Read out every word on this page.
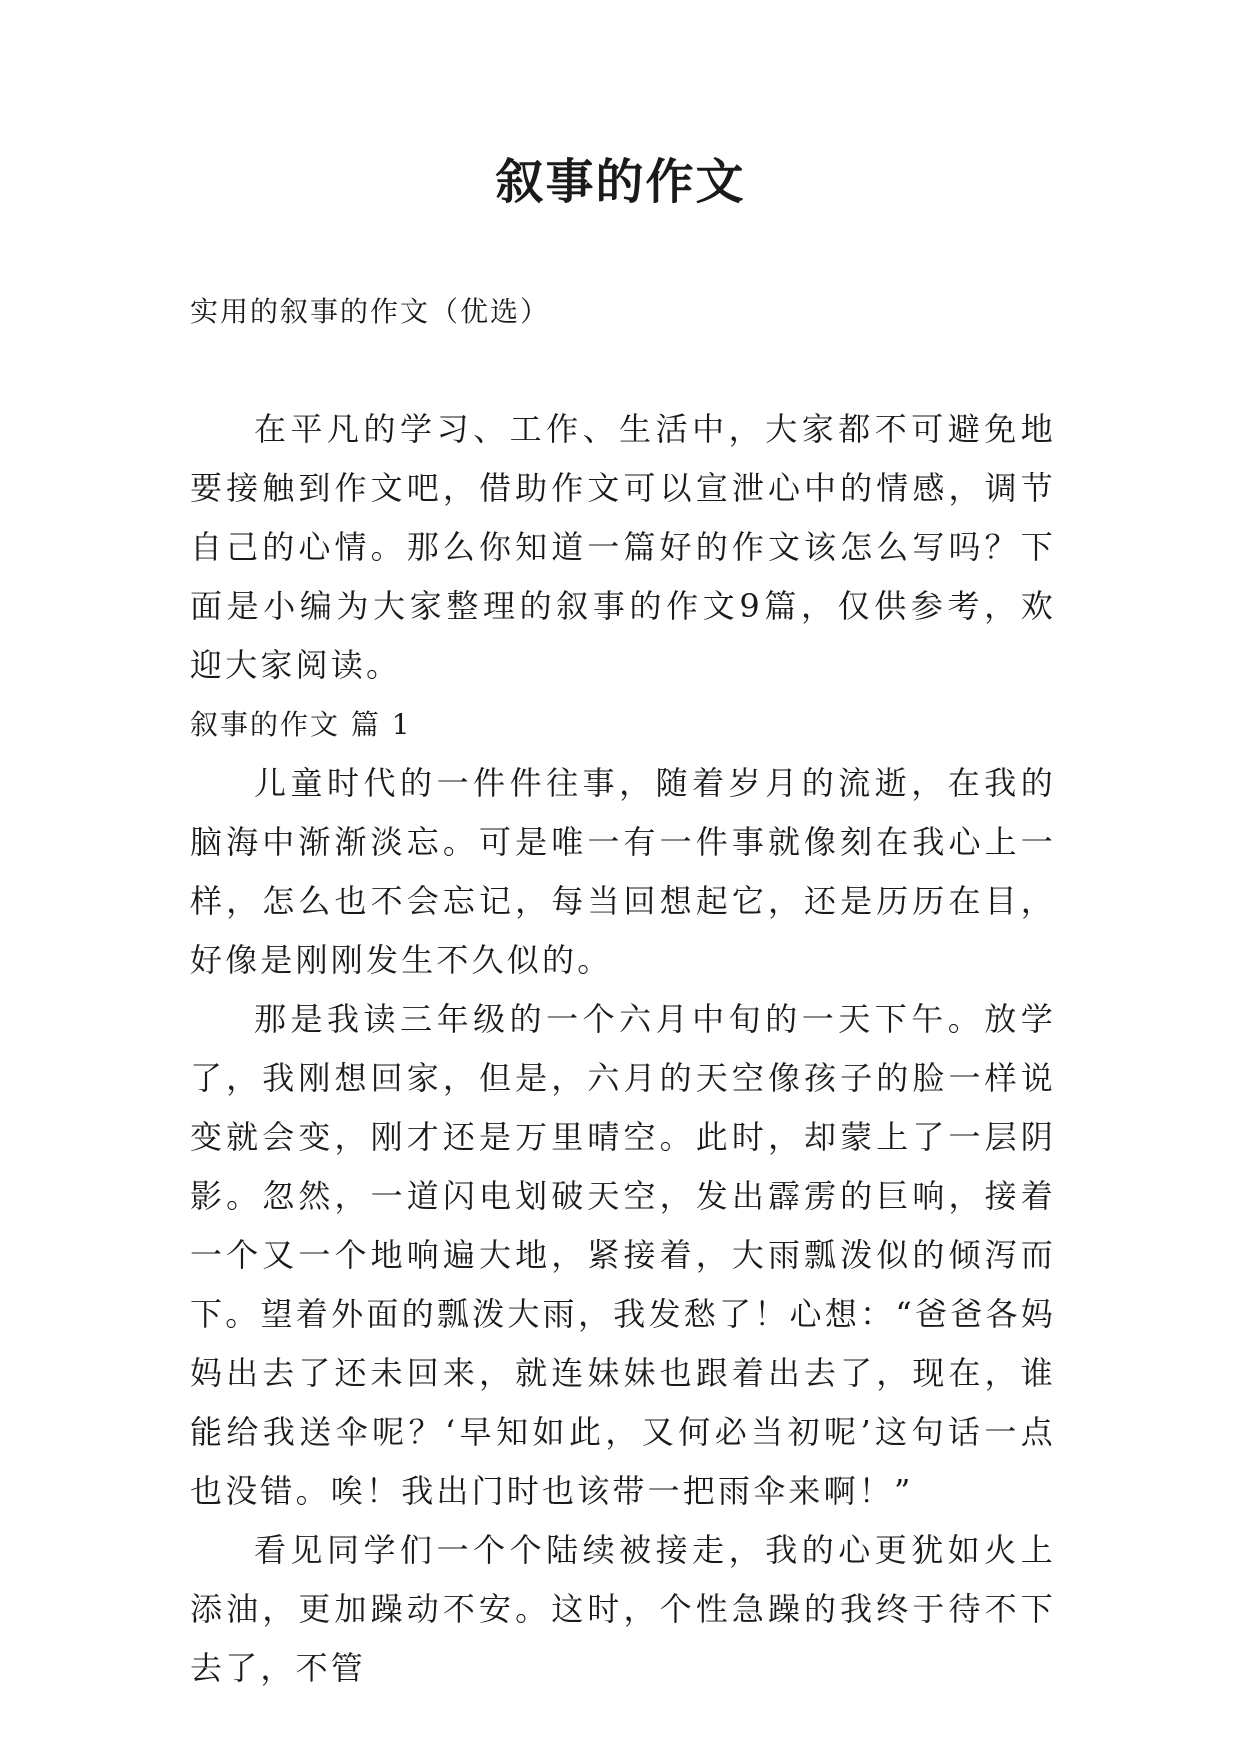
叙事的作文
实用的叙事的作文（优选）

在平凡的学习、工作、生活中，大家都不可避免地要接触到作文吧，借助作文可以宣泄心中的情感，调节自己的心情。那么你知道一篇好的作文该怎么写吗？下面是小编为大家整理的叙事的作文9篇，仅供参考，欢迎大家阅读。

叙事的作文 篇 1

儿童时代的一件件往事，随着岁月的流逝，在我的脑海中渐渐淡忘。可是唯一有一件事就像刻在我心上一样，怎么也不会忘记，每当回想起它，还是历历在目，好像是刚刚发生不久似的。

那是我读三年级的一个六月中旬的一天下午。放学了，我刚想回家，但是，六月的天空像孩子的脸一样说变就会变，刚才还是万里晴空。此时，却蒙上了一层阴影。忽然，一道闪电划破天空，发出霹雳的巨响，接着一个又一个地响遍大地，紧接着，大雨瓢泼似的倾泻而下。望着外面的瓢泼大雨，我发愁了！心想：“爸爸各妈妈出去了还未回来，就连妹妹也跟着出去了，现在，谁能给我送伞呢？‘早知如此，又何必当初呢’这句话一点也没错。唉！我出门时也该带一把雨伞来啊！”

看见同学们一个个陆续被接走，我的心更犹如火上添油，更加躁动不安。这时，个性急躁的我终于待不下去了，不管
